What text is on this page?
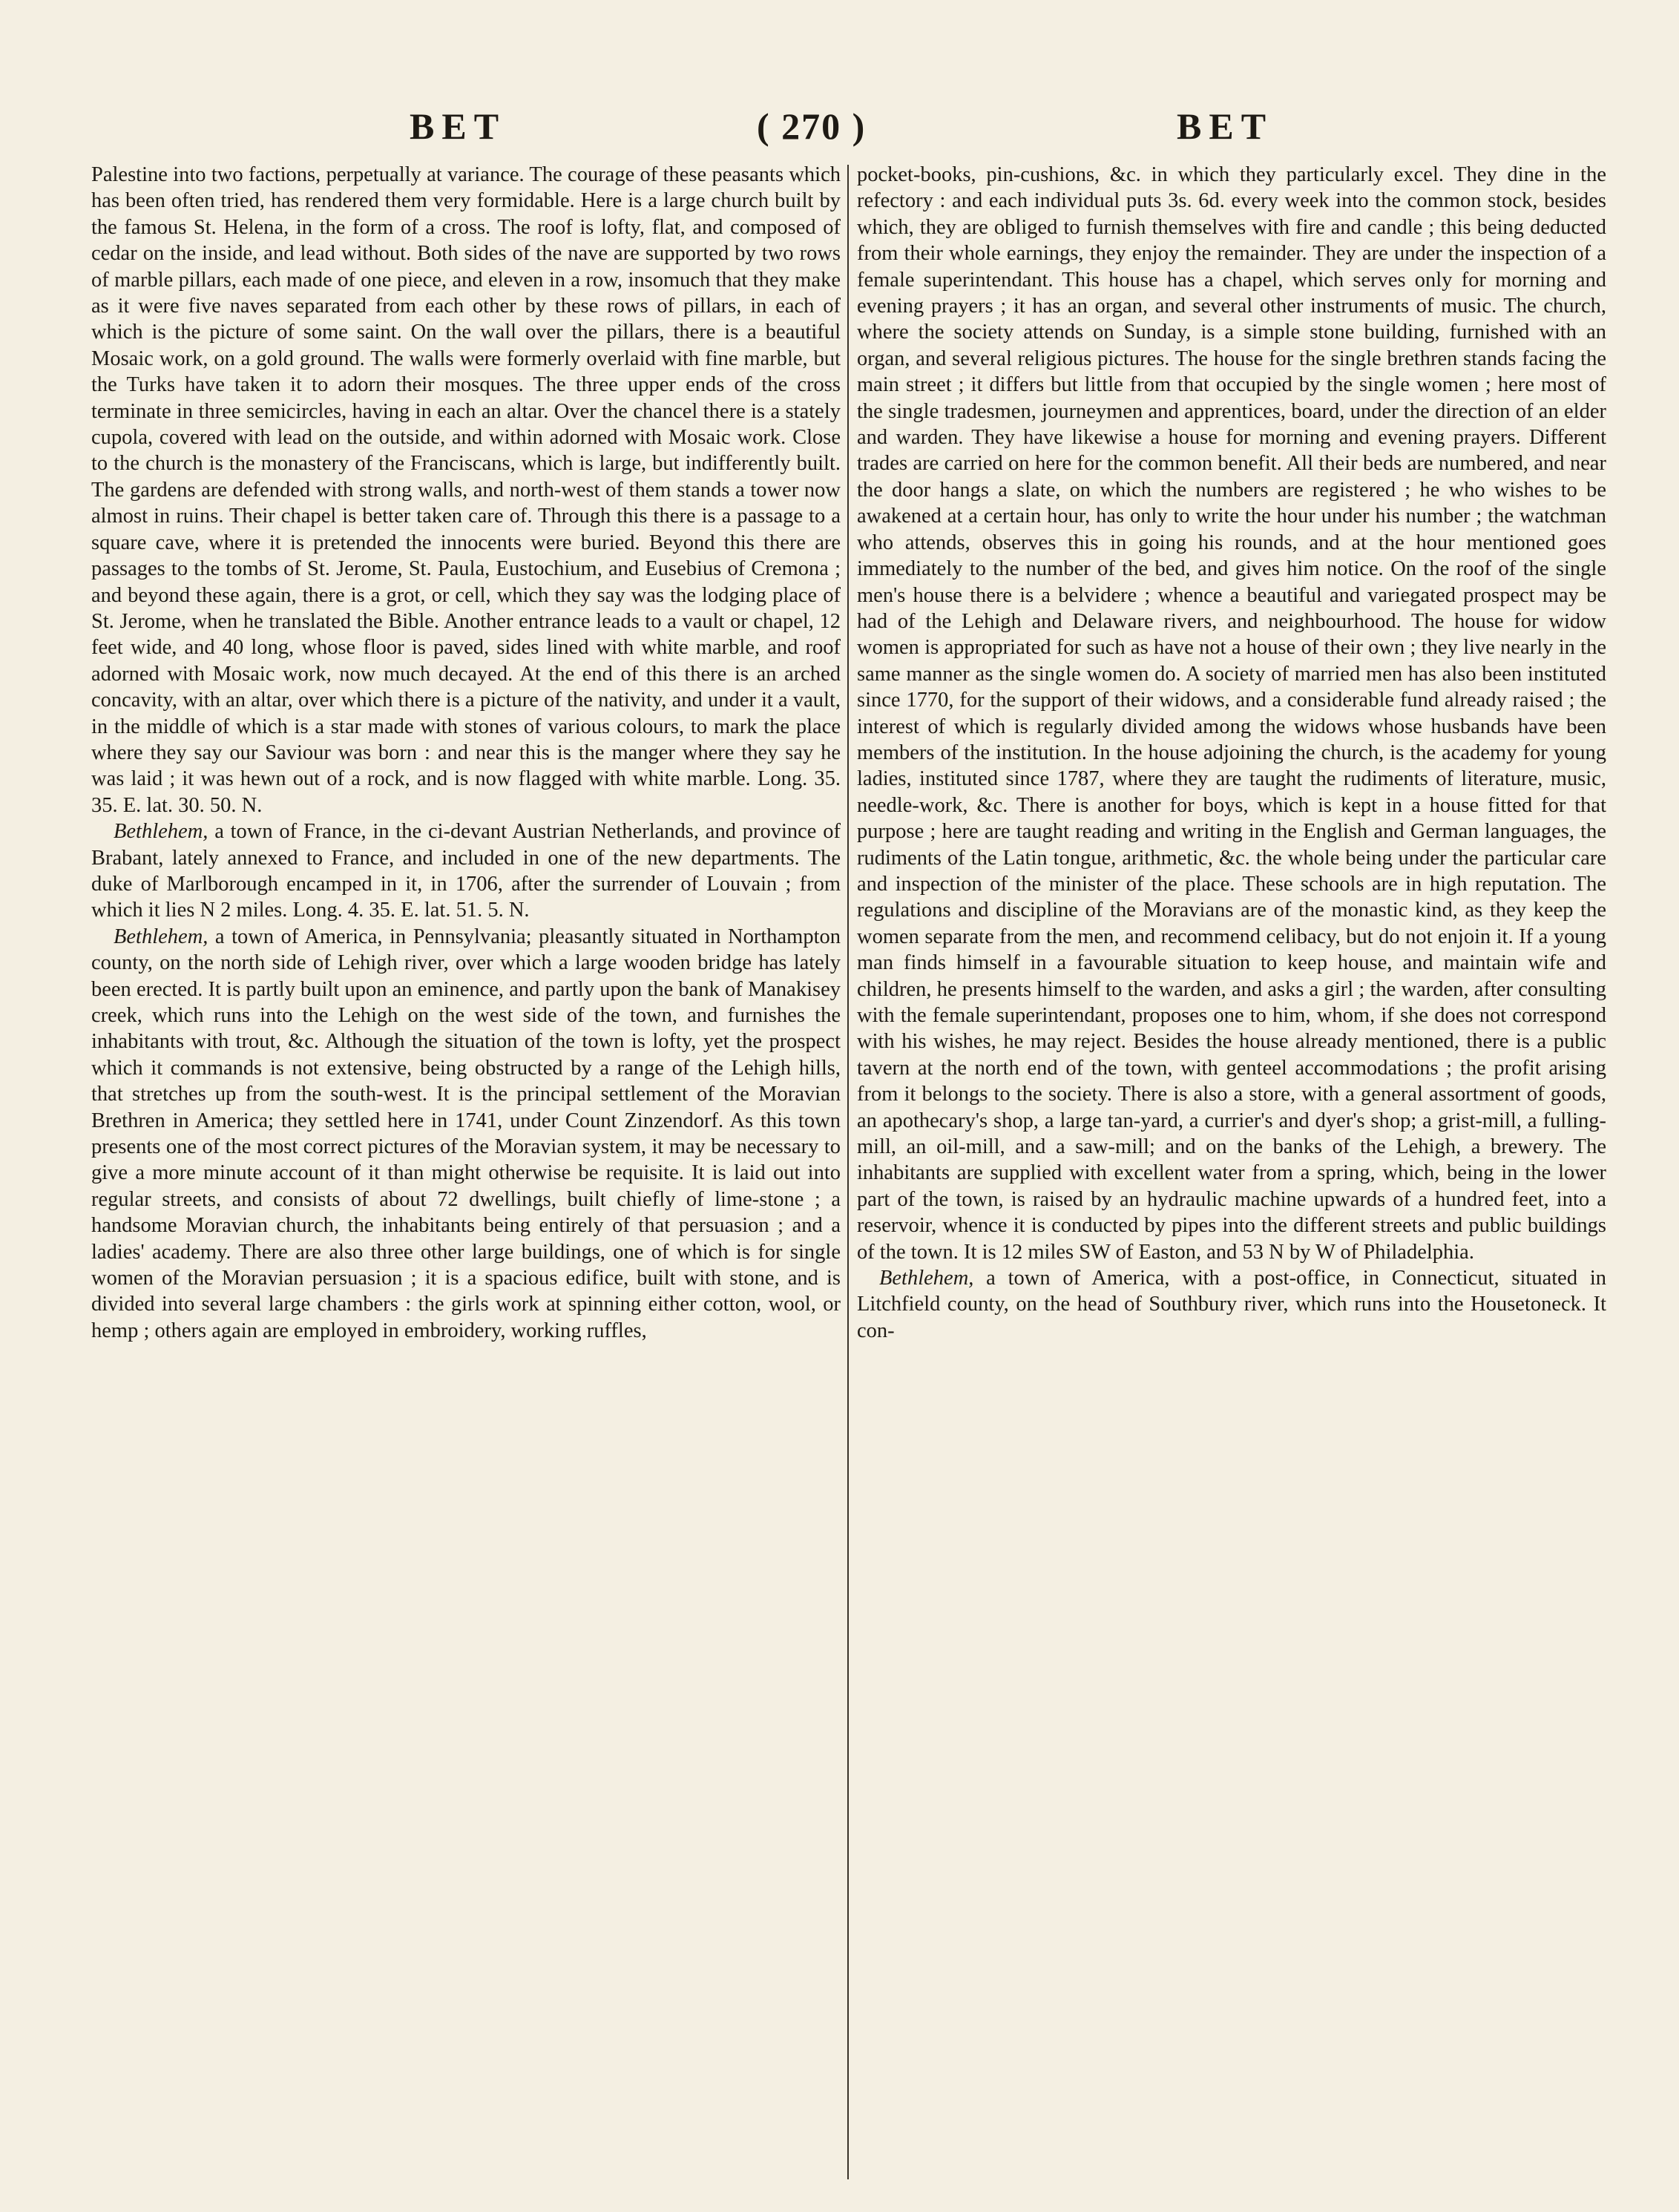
BET	( 270 )	BET

Palestine into two factions, perpetually at variance. The courage of these peasants which has been often tried, has rendered them very formidable. Here is a large church built by the famous St. Helena, in the form of a cross. The roof is lofty, flat, and composed of cedar on the inside, and lead without. Both sides of the nave are supported by two rows of marble pillars, each made of one piece, and eleven in a row, insomuch that they make as it were five naves separated from each other by these rows of pillars, in each of which is the picture of some saint. On the wall over the pillars, there is a beautiful Mosaic work, on a gold ground. The walls were formerly overlaid with fine marble, but the Turks have taken it to adorn their mosques. The three upper ends of the cross terminate in three semicircles, having in each an altar. Over the chancel there is a stately cupola, covered with lead on the outside, and within adorned with Mosaic work. Close to the church is the monastery of the Franciscans, which is large, but indifferently built. The gardens are defended with strong walls, and north-west of them stands a tower now almost in ruins. Their chapel is better taken care of. Through this there is a passage to a square cave, where it is pretended the innocents were buried. Beyond this there are passages to the tombs of St. Jerome, St. Paula, Eustochium, and Eusebius of Cremona ; and beyond these again, there is a grot, or cell, which they say was the lodging place of St. Jerome, when he translated the Bible. Another entrance leads to a vault or chapel, 12 feet wide, and 40 long, whose floor is paved, sides lined with white marble, and roof adorned with Mosaic work, now much decayed. At the end of this there is an arched concavity, with an altar, over which there is a picture of the nativity, and under it a vault, in the middle of which is a star made with stones of various colours, to mark the place where they say our Saviour was born : and near this is the manger where they say he was laid ; it was hewn out of a rock, and is now flagged with white marble. Long. 35. 35. E. lat. 30. 50. N.

Bethlehem, a town of France, in the ci-devant Austrian Netherlands, and province of Brabant, lately annexed to France, and included in one of the new departments. The duke of Marlborough encamped in it, in 1706, after the surrender of Louvain ; from which it lies N 2 miles. Long. 4. 35. E. lat. 51. 5. N.

Bethlehem, a town of America, in Pennsylvania; pleasantly situated in Northampton county, on the north side of Lehigh river, over which a large wooden bridge has lately been erected. It is partly built upon an eminence, and partly upon the bank of Manakisey creek, which runs into the Lehigh on the west side of the town, and furnishes the inhabitants with trout, &c. Although the situation of the town is lofty, yet the prospect which it commands is not extensive, being obstructed by a range of the Lehigh hills, that stretches up from the south-west. It is the principal settlement of the Moravian Brethren in America; they settled here in 1741, under Count Zinzendorf. As this town presents one of the most correct pictures of the Moravian system, it may be necessary to give a more minute account of it than might otherwise be requisite. It is laid out into regular streets, and consists of about 72 dwellings, built chiefly of lime-stone ; a handsome Moravian church, the inhabitants being entirely of that persuasion ; and a ladies' academy. There are also three other large buildings, one of which is for single women of the Moravian persuasion ; it is a spacious edifice, built with stone, and is divided into several large chambers : the girls work at spinning either cotton, wool, or hemp ; others again are employed in embroidery, working ruffles,

pocket-books, pin-cushions, &c. in which they particularly excel. They dine in the refectory : and each individual puts 3s. 6d. every week into the common stock, besides which, they are obliged to furnish themselves with fire and candle ; this being deducted from their whole earnings, they enjoy the remainder. They are under the inspection of a female superintendant. This house has a chapel, which serves only for morning and evening prayers ; it has an organ, and several other instruments of music. The church, where the society attends on Sunday, is a simple stone building, furnished with an organ, and several religious pictures. The house for the single brethren stands facing the main street ; it differs but little from that occupied by the single women ; here most of the single tradesmen, journeymen and apprentices, board, under the direction of an elder and warden. They have likewise a house for morning and evening prayers. Different trades are carried on here for the common benefit. All their beds are numbered, and near the door hangs a slate, on which the numbers are registered ; he who wishes to be awakened at a certain hour, has only to write the hour under his number ; the watchman who attends, observes this in going his rounds, and at the hour mentioned goes immediately to the number of the bed, and gives him notice. On the roof of the single men's house there is a belvidere ; whence a beautiful and variegated prospect may be had of the Lehigh and Delaware rivers, and neighbourhood. The house for widow women is appropriated for such as have not a house of their own ; they live nearly in the same manner as the single women do. A society of married men has also been instituted since 1770, for the support of their widows, and a considerable fund already raised ; the interest of which is regularly divided among the widows whose husbands have been members of the institution. In the house adjoining the church, is the academy for young ladies, instituted since 1787, where they are taught the rudiments of literature, music, needle-work, &c. There is another for boys, which is kept in a house fitted for that purpose ; here are taught reading and writing in the English and German languages, the rudiments of the Latin tongue, arithmetic, &c. the whole being under the particular care and inspection of the minister of the place. These schools are in high reputation. The regulations and discipline of the Moravians are of the monastic kind, as they keep the women separate from the men, and recommend celibacy, but do not enjoin it. If a young man finds himself in a favourable situation to keep house, and maintain wife and children, he presents himself to the warden, and asks a girl ; the warden, after consulting with the female superintendant, proposes one to him, whom, if she does not correspond with his wishes, he may reject. Besides the house already mentioned, there is a public tavern at the north end of the town, with genteel accommodations ; the profit arising from it belongs to the society. There is also a store, with a general assortment of goods, an apothecary's shop, a large tan-yard, a currier's and dyer's shop; a grist-mill, a fulling-mill, an oil-mill, and a saw-mill; and on the banks of the Lehigh, a brewery. The inhabitants are supplied with excellent water from a spring, which, being in the lower part of the town, is raised by an hydraulic machine upwards of a hundred feet, into a reservoir, whence it is conducted by pipes into the different streets and public buildings of the town. It is 12 miles SW of Easton, and 53 N by W of Philadelphia.

Bethlehem, a town of America, with a post-office, in Connecticut, situated in Litchfield county, on the head of Southbury river, which runs into the Housetoneck. It con-
